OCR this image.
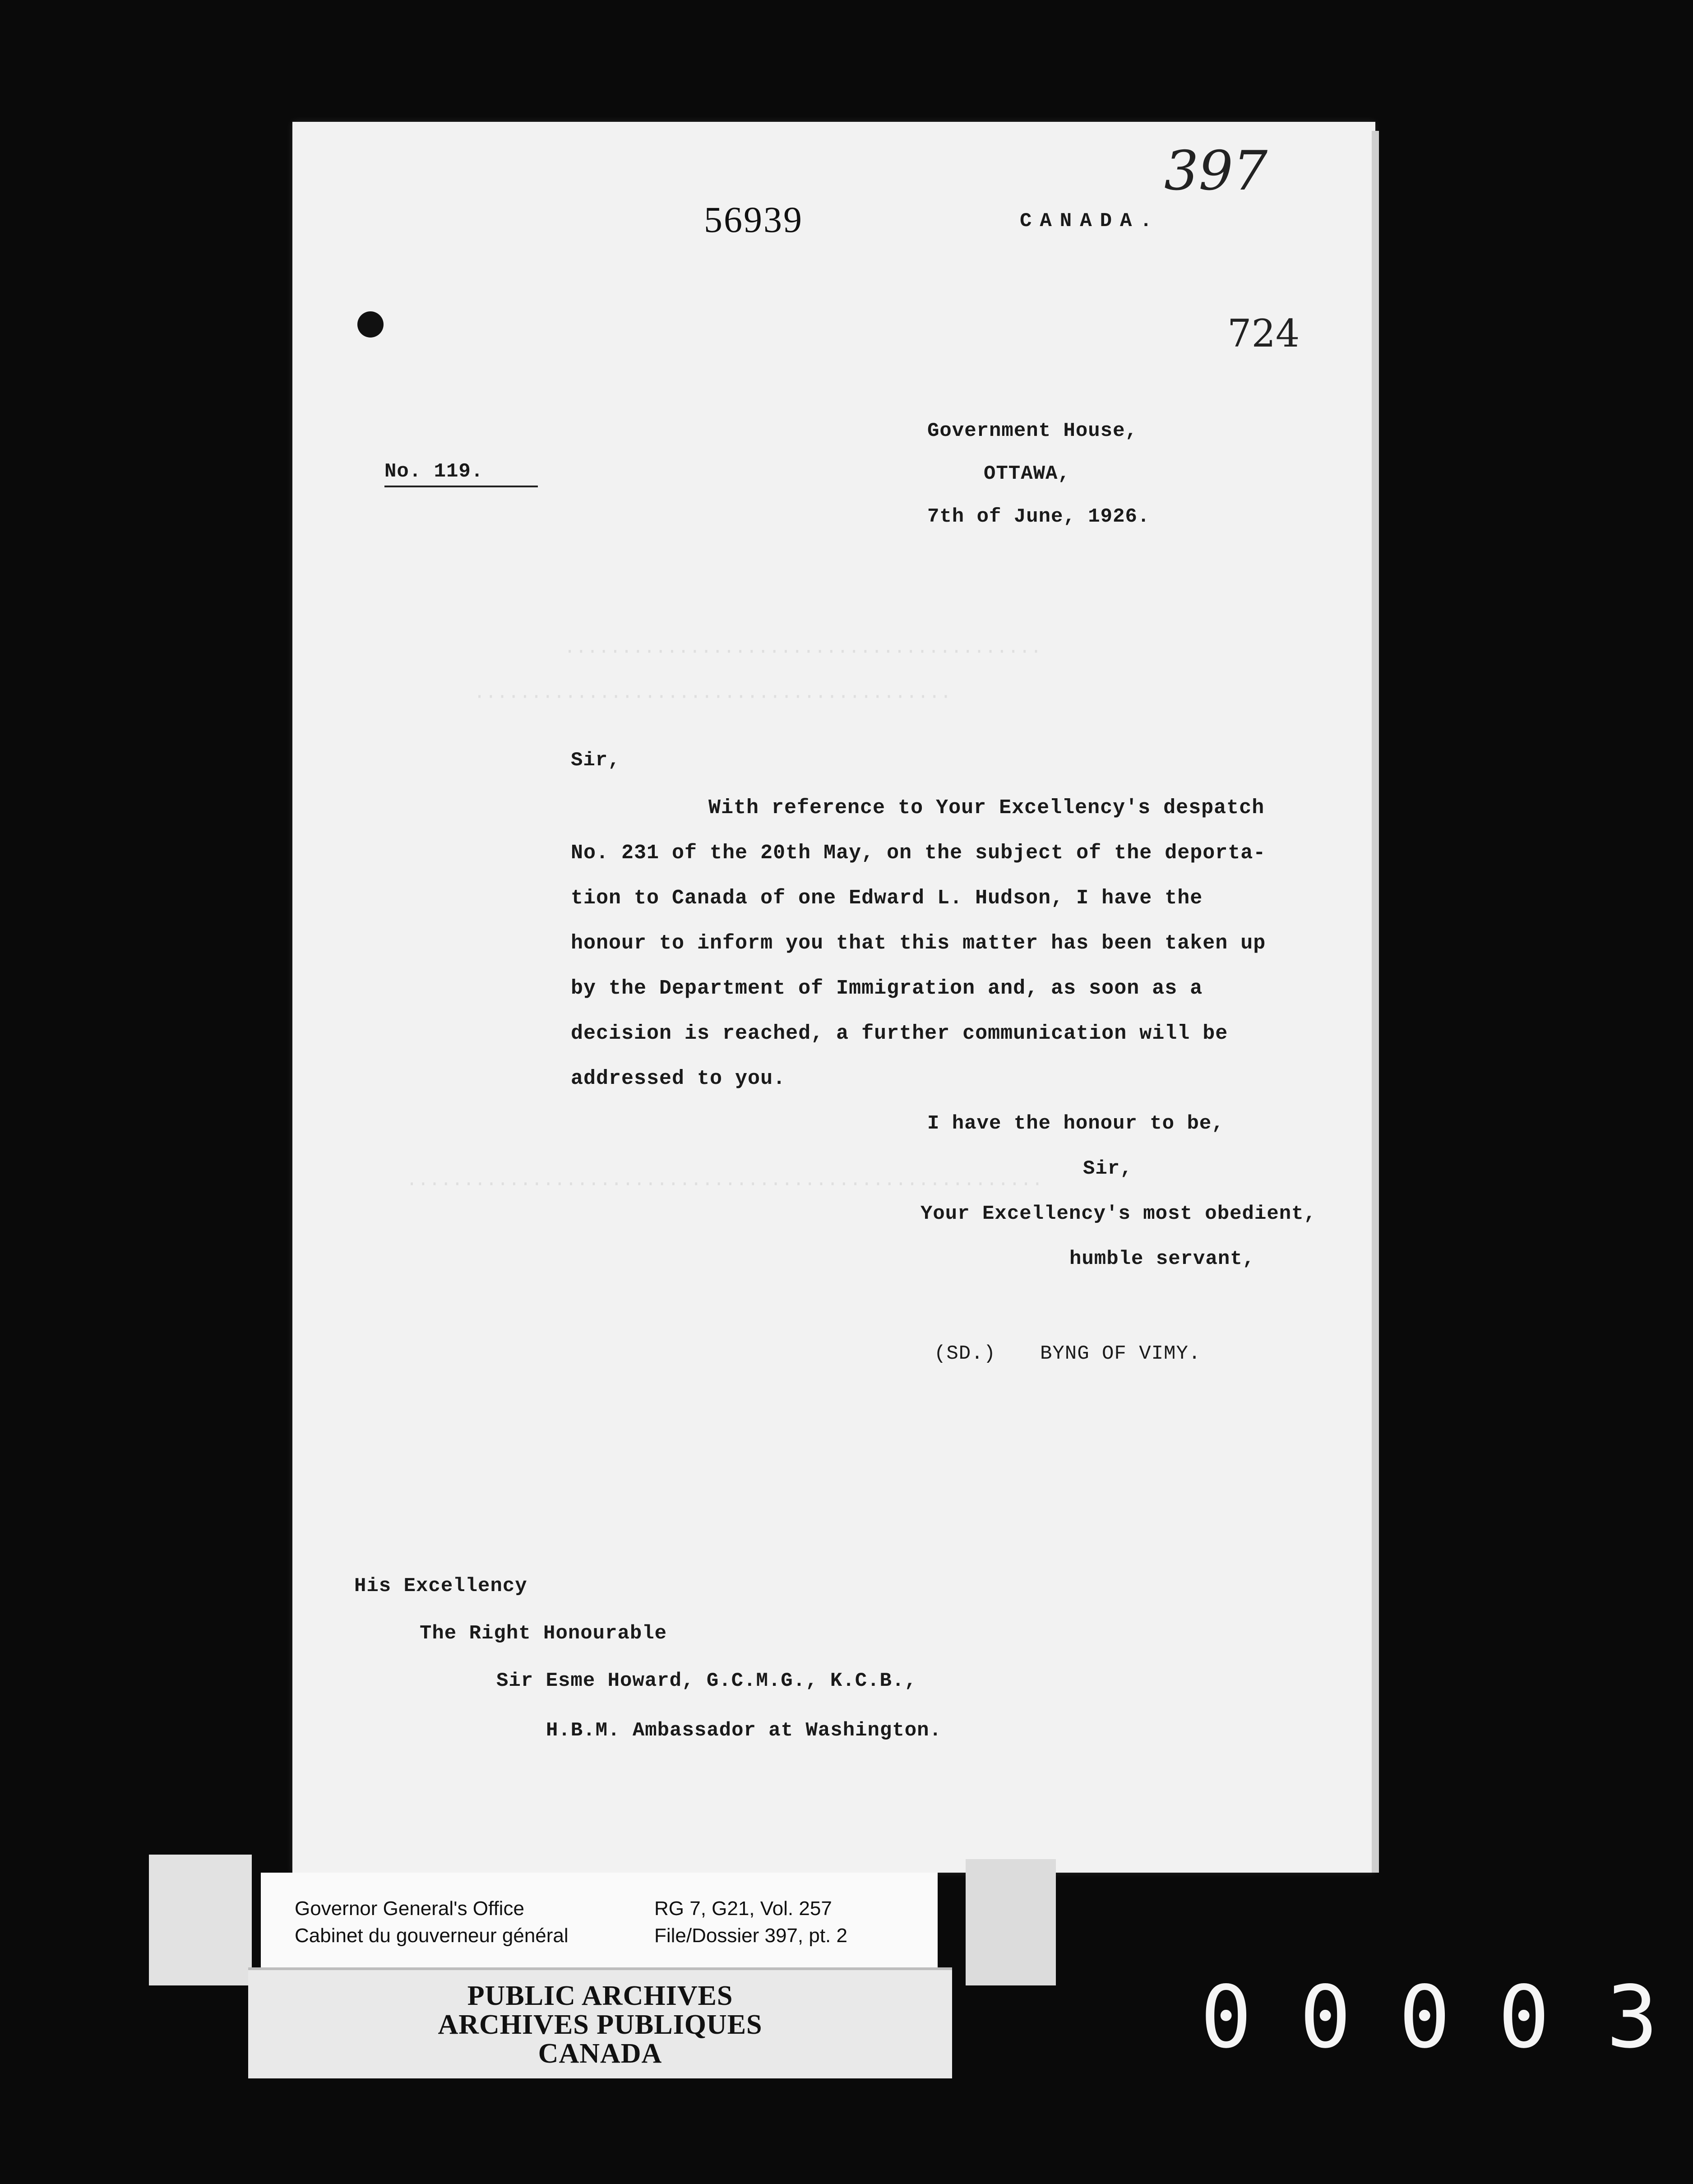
··········································
··········································
························································
56939	CANADA.
397
724
No. 119.
Government House,
OTTAWA,
7th of June, 1926.
Sir,
With reference to Your Excellency's despatch
No. 231 of the 20th May, on the subject of the deporta-
tion to Canada of one Edward L. Hudson, I have the
honour to inform you that this matter has been taken up
by the Department of Immigration and, as soon as a
decision is reached, a further communication will be
addressed to you.
I have the honour to be,
Sir,
Your Excellency's most obedient,
humble servant,
(SD.) BYNG OF VIMY.
His Excellency
The Right Honourable
Sir Esme Howard, G.C.M.G., K.C.B.,
H.B.M. Ambassador at Washington.
Governor General's Office
Cabinet du gouverneur général
RG 7, G21, Vol. 257
File/Dossier 397, pt. 2
PUBLIC ARCHIVES
ARCHIVES PUBLIQUES
CANADA	0 0 0 0 3
